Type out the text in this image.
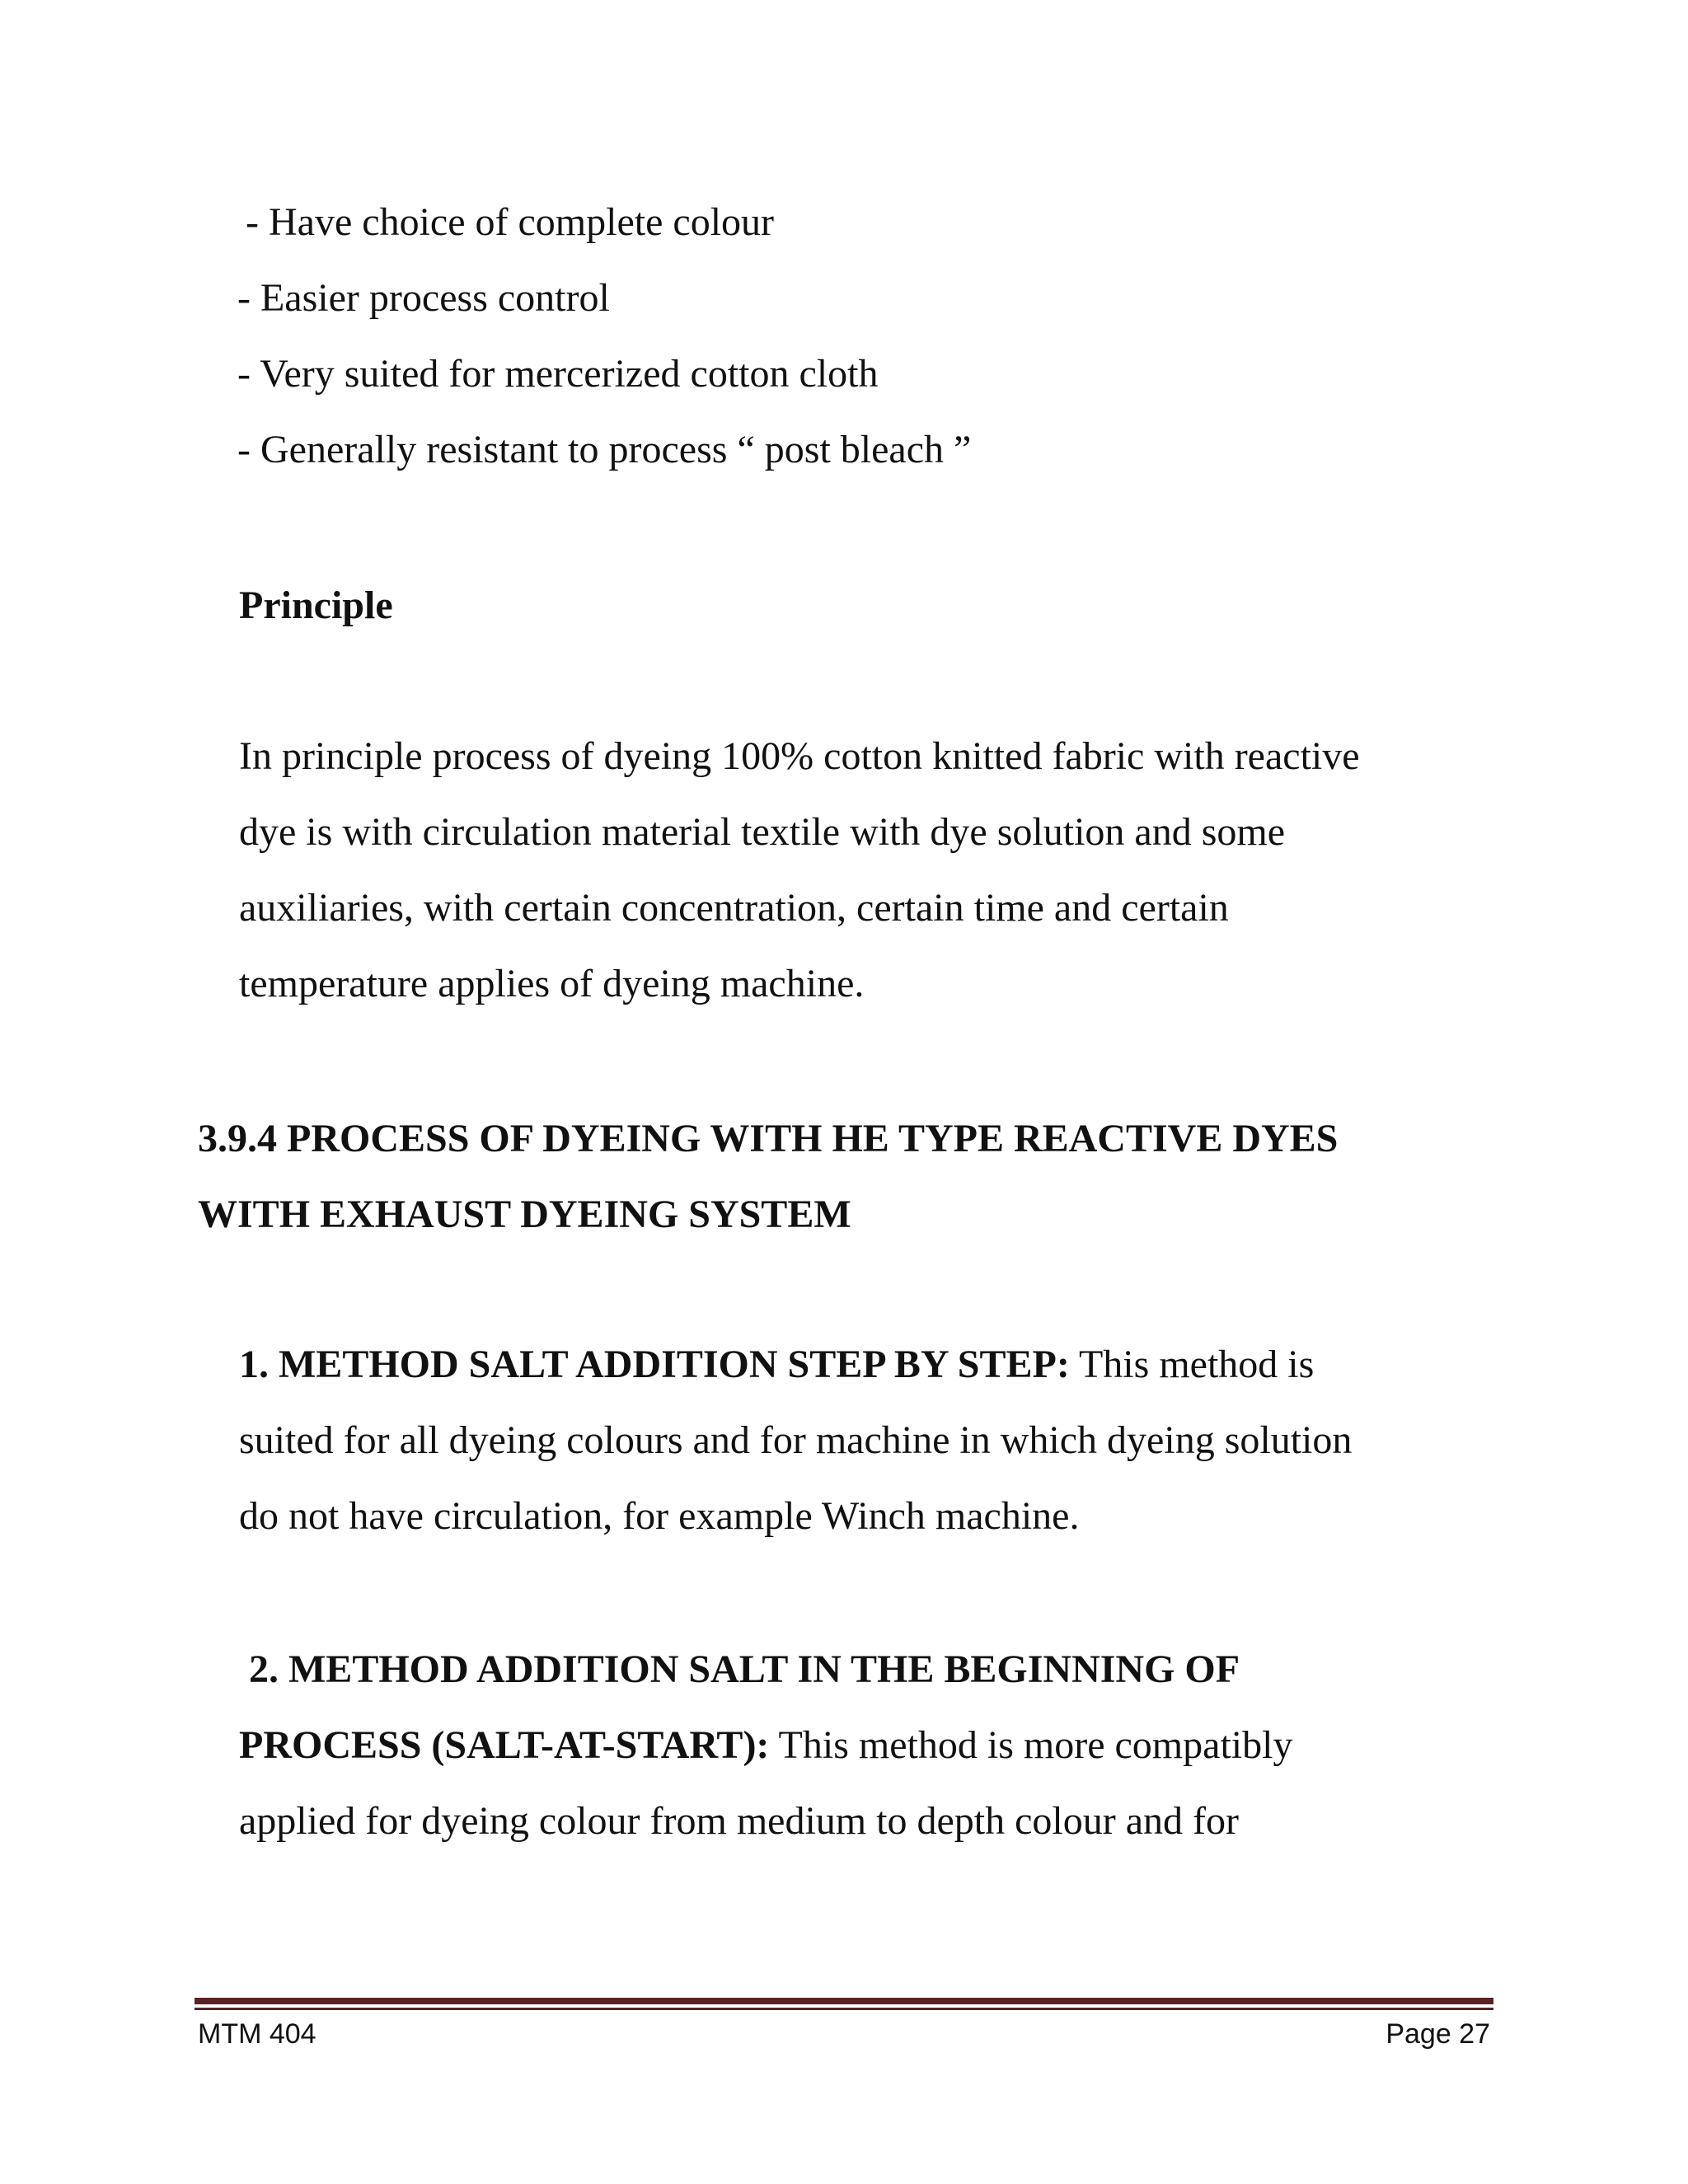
- Have choice of complete colour

- Easier process control

- Very suited for mercerized cotton cloth

- Generally resistant to process “ post bleach ”

Principle

In principle process of dyeing 100% cotton knitted fabric with reactive

dye is with circulation material textile with dye solution and some

auxiliaries, with certain concentration, certain time and certain

temperature applies of dyeing machine.

3.9.4 PROCESS OF DYEING WITH HE TYPE REACTIVE DYES

WITH EXHAUST DYEING SYSTEM

1. METHOD SALT ADDITION STEP BY STEP: This method is

suited for all dyeing colours and for machine in which dyeing solution

do not have circulation, for example Winch machine.

2. METHOD ADDITION SALT IN THE BEGINNING OF

PROCESS (SALT-AT-START): This method is more compatibly

applied for dyeing colour from medium to depth colour and for

MTM 404	Page 27
